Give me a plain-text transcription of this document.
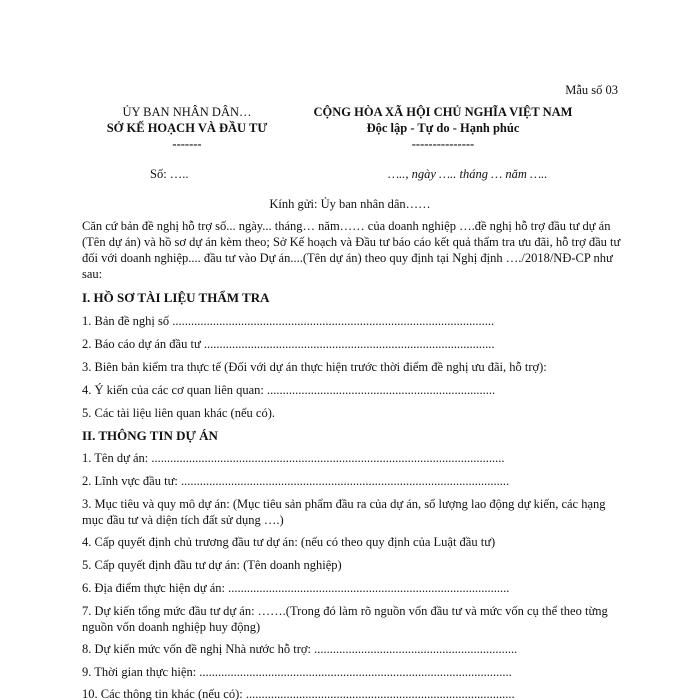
Mẫu số 03
ỦY BAN NHÂN DÂN…
SỞ KẾ HOẠCH VÀ ĐẦU TƯ
-------
CỘNG HÒA XÃ HỘI CHỦ NGHĨA VIỆT NAM
Độc lập - Tự do - Hạnh phúc
---------------
Số: …..	….., ngày ….. tháng … năm …..
Kính gửi: Ủy ban nhân dân……
Căn cứ bản đề nghị hỗ trợ số... ngày... tháng… năm…… của doanh nghiệp ….đề nghị hỗ trợ đầu tư dự án (Tên dự án) và hồ sơ dự án kèm theo; Sở Kế hoạch và Đầu tư báo cáo kết quả thẩm tra ưu đãi, hỗ trợ đầu tư đối với doanh nghiệp.... đầu tư vào Dự án....(Tên dự án) theo quy định tại Nghị định …./2018/NĐ-CP như sau:
I. HỒ SƠ TÀI LIỆU THẨM TRA
1. Bản đề nghị số .......................................................................................................
2. Báo cáo dự án đầu tư .............................................................................................
3. Biên bản kiểm tra thực tế (Đối với dự án thực hiện trước thời điểm đề nghị ưu đãi, hỗ trợ):
4. Ý kiến của các cơ quan liên quan: .........................................................................
5. Các tài liệu liên quan khác (nếu có).
II. THÔNG TIN DỰ ÁN
1. Tên dự án: .................................................................................................................
2. Lĩnh vực đầu tư: .........................................................................................................
3. Mục tiêu và quy mô dự án: (Mục tiêu sản phẩm đầu ra của dự án, số lượng lao động dự kiến, các hạng mục đầu tư và diện tích đất sử dụng ….)
4. Cấp quyết định chủ trương đầu tư dự án: (nếu có theo quy định của Luật đầu tư)
5. Cấp quyết định đầu tư dự án: (Tên doanh nghiệp)
6. Địa điểm thực hiện dự án: ..........................................................................................
7. Dự kiến tổng mức đầu tư dự án: …….(Trong đó làm rõ nguồn vốn đầu tư và mức vốn cụ thể theo từng nguồn vốn doanh nghiệp huy động)
8. Dự kiến mức vốn đề nghị Nhà nước hỗ trợ: .................................................................
9. Thời gian thực hiện: ....................................................................................................
10. Các thông tin khác (nếu có): ......................................................................................
